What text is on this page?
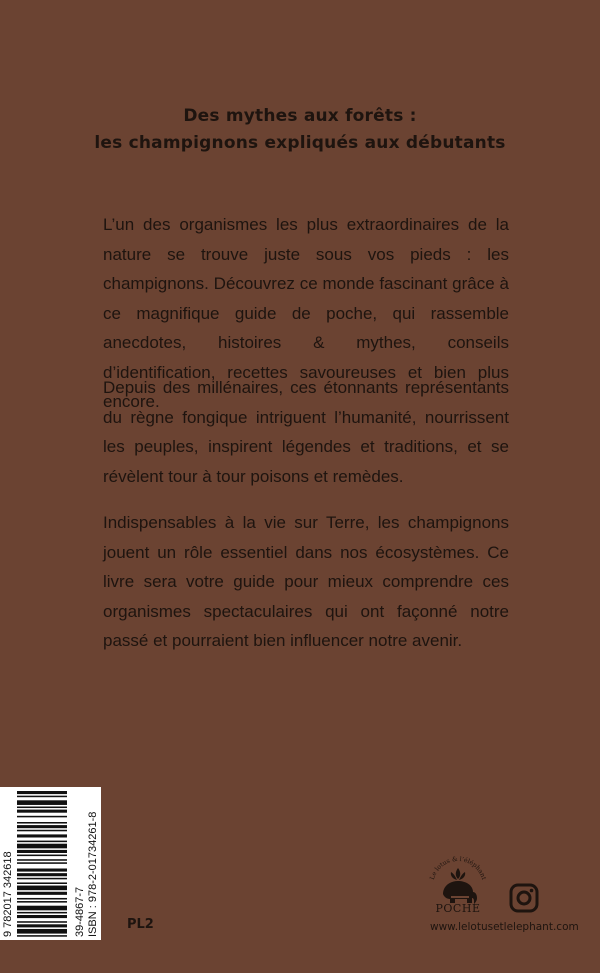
Des mythes aux forêts :
les champignons expliqués aux débutants

L’un des organismes les plus extraordinaires de la nature se trouve juste sous vos pieds : les champignons. Découvrez ce monde fascinant grâce à ce magnifique guide de poche, qui rassemble anecdotes, histoires & mythes, conseils d’identification, recettes savoureuses et bien plus encore.

Depuis des millénaires, ces étonnants représentants du règne fongique intriguent l’humanité, nourrissent les peuples, inspirent légendes et traditions, et se révèlent tour à tour poisons et remèdes.

Indispensables à la vie sur Terre, les champignons jouent un rôle essentiel dans nos écosystèmes. Ce livre sera votre guide pour mieux comprendre ces organismes spectaculaires qui ont façonné notre passé et pourraient bien influencer notre avenir.

9 782017 342618	39-4867-7 ISBN : 978-2-01734261-8 PL2
Le lotus & l’éléphant
POCHE
www.lelotusetlelephant.com
